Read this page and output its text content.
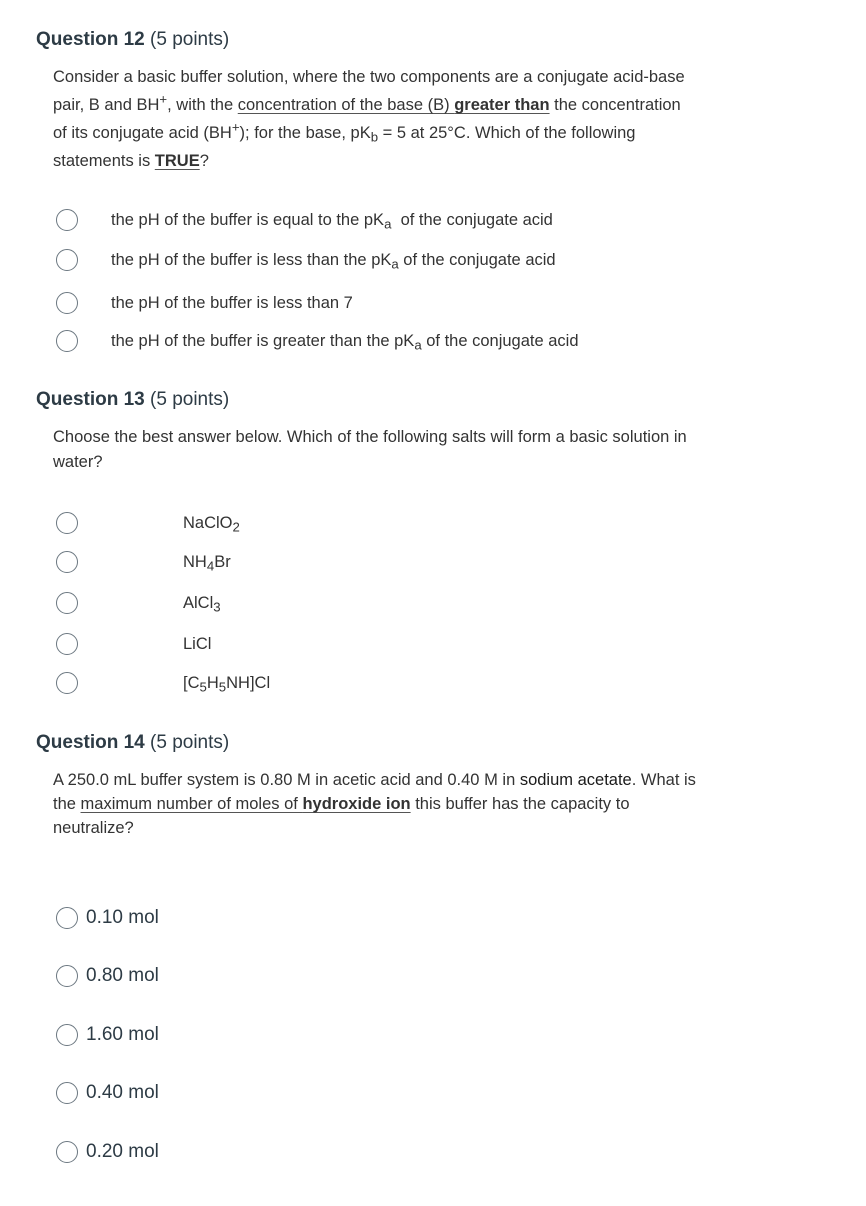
Question 12 (5 points)
Consider a basic buffer solution, where the two components are a conjugate acid-base
pair, B and BH+, with the concentration of the base (B) greater than the concentration
of its conjugate acid (BH+); for the base, $pK_b = 5$ at 25°C. Which of the following
statements is TRUE?
the pH of the buffer is equal to the $pK_a$  of the conjugate acid
the pH of the buffer is less than the $pK_a$ of the conjugate acid
the pH of the buffer is less than 7
the pH of the buffer is greater than the $pK_a$ of the conjugate acid
Question 13 (5 points)
Choose the best answer below. Which of the following salts will form a basic solution in
water?
NaClO$_2$
$NH_4Br$
AlCl$_3$
LiCl
$[C_5H_5NH]Cl$
Question 14 (5 points)
A 250.0 mL buffer system is 0.80 M in acetic acid and 0.40 M in sodium acetate. What is
the maximum number of moles of hydroxide ion this buffer has the capacity to
neutralize?
0.10 mol
0.80 mol
1.60 mol
0.40 mol
0.20 mol
